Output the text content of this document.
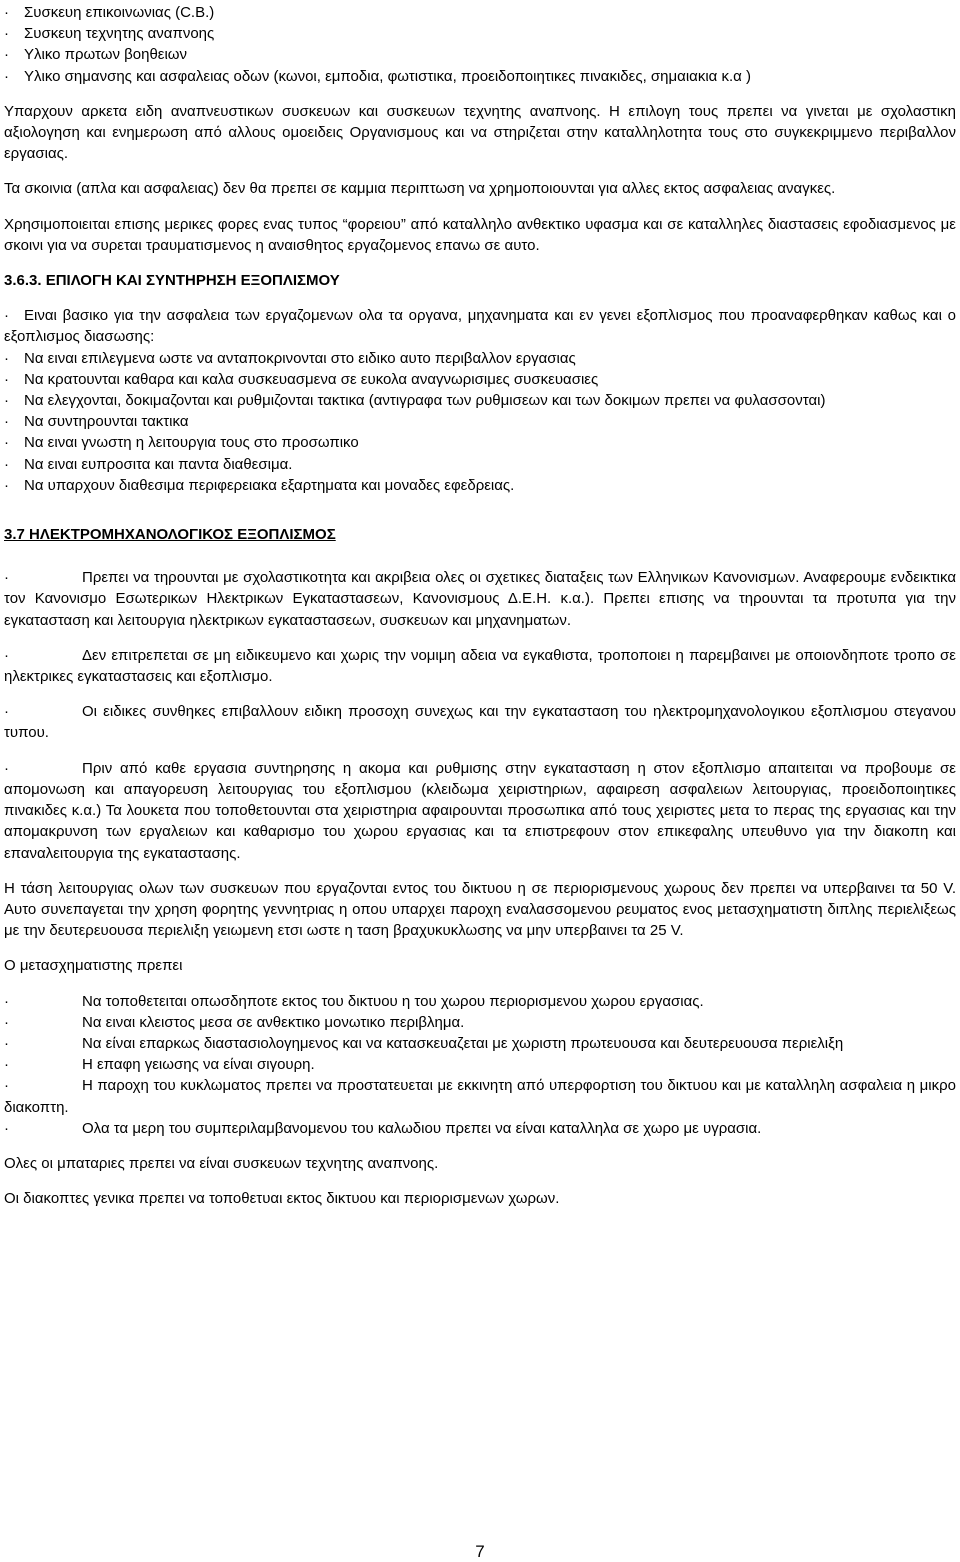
· Συσκευη επικοινωνιας (C.B.)

· Συσκευη τεχνητης αναπνοης

· Υλικο πρωτων βοηθειων

· Υλικο σημανσης και ασφαλειας οδων (κωνοι, εμποδια, φωτιστικα, προειδοποιητικες πινακιδες, σημαιακια κ.α )

Υπαρχουν αρκετα ειδη αναπνευστικων συσκευων και συσκευων τεχνητης αναπνοης. Η επιλογη τους πρεπει να γινεται με σχολαστικη αξιολογηση και ενημερωση από αλλους ομοειδεις Οργανισμους και να στηριζεται στην καταλληλοτητα τους στο συγκεκριμμενο περιβαλλον εργασιας.

Τα σκοινια (απλα και ασφαλειας) δεν θα πρεπει σε καμμια περιπτωση να χρημοποιουνται για αλλες εκτος ασφαλειας αναγκες.

Χρησιμοποιειται επισης μερικες φορες ενας τυπος “φορειου” από καταλληλο ανθεκτικο υφασμα και σε καταλληλες διαστασεις εφοδιασμενος με σκοινι για να συρεται τραυματισμενος η αναισθητος εργαζομενος επανω σε αυτο.

3.6.3. ΕΠΙΛΟΓΗ ΚΑΙ ΣΥΝΤΗΡΗΣΗ ΕΞΟΠΛΙΣΜΟΥ

· Ειναι βασικο για την ασφαλεια των εργαζομενων ολα τα οργανα, μηχανηματα και εν γενει εξοπλισμος που προαναφερθηκαν καθως και ο εξοπλισμος διασωσης:

· Να ειναι επιλεγμενα ωστε να ανταποκρινονται στο ειδικο αυτο περιβαλλον εργασιας

· Να κρατουνται καθαρα και καλα συσκευασμενα σε ευκολα αναγνωρισιμες συσκευασιες

· Να ελεγχονται, δοκιμαζονται και ρυθμιζονται τακτικα (αντιγραφα των ρυθμισεων και των δοκιμων πρεπει να φυλασσονται)

· Να συντηρουνται τακτικα

· Να ειναι γνωστη η λειτουργια τους στο προσωπικο

· Να ειναι ευπροσιτα και παντα διαθεσιμα.

· Να υπαρχουν διαθεσιμα περιφερειακα εξαρτηματα και μοναδες εφεδρειας.

3.7 ΗΛΕΚΤΡΟΜΗΧΑΝΟΛΟΓΙΚΟΣ ΕΞΟΠΛΙΣΜΟΣ

·	Πρεπει να τηρουνται με σχολαστικοτητα και ακριβεια ολες οι σχετικες διαταξεις των Ελληνικων Κανονισμων. Αναφερουμε ενδεικτικα τον Κανονισμο Εσωτερικων Ηλεκτρικων Εγκαταστασεων, Κανονισμους Δ.Ε.Η. κ.α.). Πρεπει επισης να τηρουνται τα προτυπα για την εγκατασταση και λειτουργια ηλεκτρικων εγκαταστασεων, συσκευων και μηχανηματων.

·	Δεν επιτρεπεται σε μη ειδικευμενο και χωρις την νομιμη αδεια να εγκαθιστα, τροποποιει η παρεμβαινει με οποιονδηποτε τροπο σε ηλεκτρικες εγκαταστασεις και εξοπλισμο.

·	Οι ειδικες συνθηκες επιβαλλουν ειδικη προσοχη συνεχως και την εγκατασταση του ηλεκτρομηχανολογικου εξοπλισμου στεγανου τυπου.

·	Πριν από καθε εργασια συντηρησης η ακομα και ρυθμισης στην εγκατασταση η στον εξοπλισμο απαιτειται να προβουμε σε απομονωση και απαγορευση λειτουργιας του εξοπλισμου (κλειδωμα χειριστηριων, αφαιρεση ασφαλειων λειτουργιας, προειδοποιητικες πινακιδες κ.α.) Τα λουκετα που τοποθετουνται στα χειριστηρια αφαιρουνται προσωπικα από τους χειριστες μετα το περας της εργασιας και την απομακρυνση των εργαλειων και καθαρισμο του χωρου εργασιας και τα επιστρεφουν στον επικεφαλης υπευθυνο για την διακοπη και επαναλειτουργια της εγκαταστασης.

Η τάση λειτουργιας ολων των συσκευων που εργαζονται εντος του δικτυου η σε περιορισμενους χωρους δεν πρεπει να υπερβαινει τα 50 V. Αυτο συνεπαγεται την χρηση φορητης γεννητριας η οπου υπαρχει παροχη εναλασσομενου ρευματος ενος μετασχηματιστη διπλης περιελιξεως με την δευτερευουσα περιελιξη γειωμενη ετσι ωστε η ταση βραχυκυκλωσης να μην υπερβαινει τα 25 V.

Ο μετασχηματιστης πρεπει

·	Να τοποθετειται οπωσδηποτε εκτος του δικτυου η του χωρου περιορισμενου χωρου εργασιας.

·	Να ειναι κλειστος μεσα σε ανθεκτικο μονωτικο περιβλημα.

·	Να είναι επαρκως διαστασιολογημενος και να κατασκευαζεται με χωριστη πρωτευουσα και δευτερευουσα περιελιξη

·	Η επαφη γειωσης να είναι σιγουρη.

·	Η παροχη του κυκλωματος πρεπει να προστατευεται με εκκινητη από υπερφορτιση του δικτυου και με καταλληλη ασφαλεια η μικρο διακοπτη.

·	Ολα τα μερη του συμπεριλαμβανομενου του καλωδιου πρεπει να είναι καταλληλα σε χωρο με υγρασια.

Ολες οι μπαταριες πρεπει να είναι συσκευων τεχνητης αναπνοης.

Οι διακοπτες γενικα πρεπει να τοποθετυαι εκτος δικτυου και περιορισμενων χωρων.

7
